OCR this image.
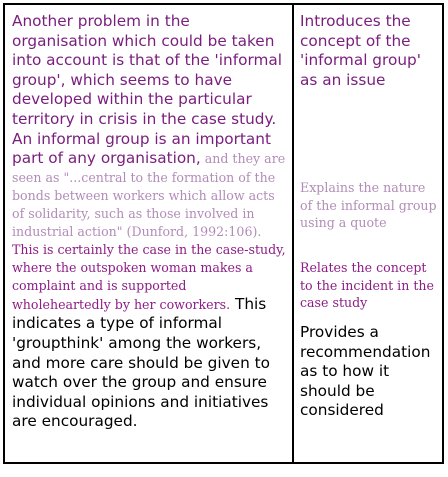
Another problem in the organisation which could be taken into account is that of the 'informal group', which seems to have developed within the particular territory in crisis in the case study. An informal group is an important part of any organisation, and they are seen as "...central to the formation of the bonds between workers which allow acts of solidarity, such as those involved in industrial action" (Dunford, 1992:106). This is certainly the case in the case-study, where the outspoken woman makes a complaint and is supported wholeheartedly by her coworkers. This indicates a type of informal 'groupthink' among the workers, and more care should be given to watch over the group and ensure individual opinions and initiatives are encouraged.

Introduces the concept of the 'informal group' as an issue

Explains the nature of the informal group using a quote

Relates the concept to the incident in the case study

Provides a recommendation as to how it should be considered
